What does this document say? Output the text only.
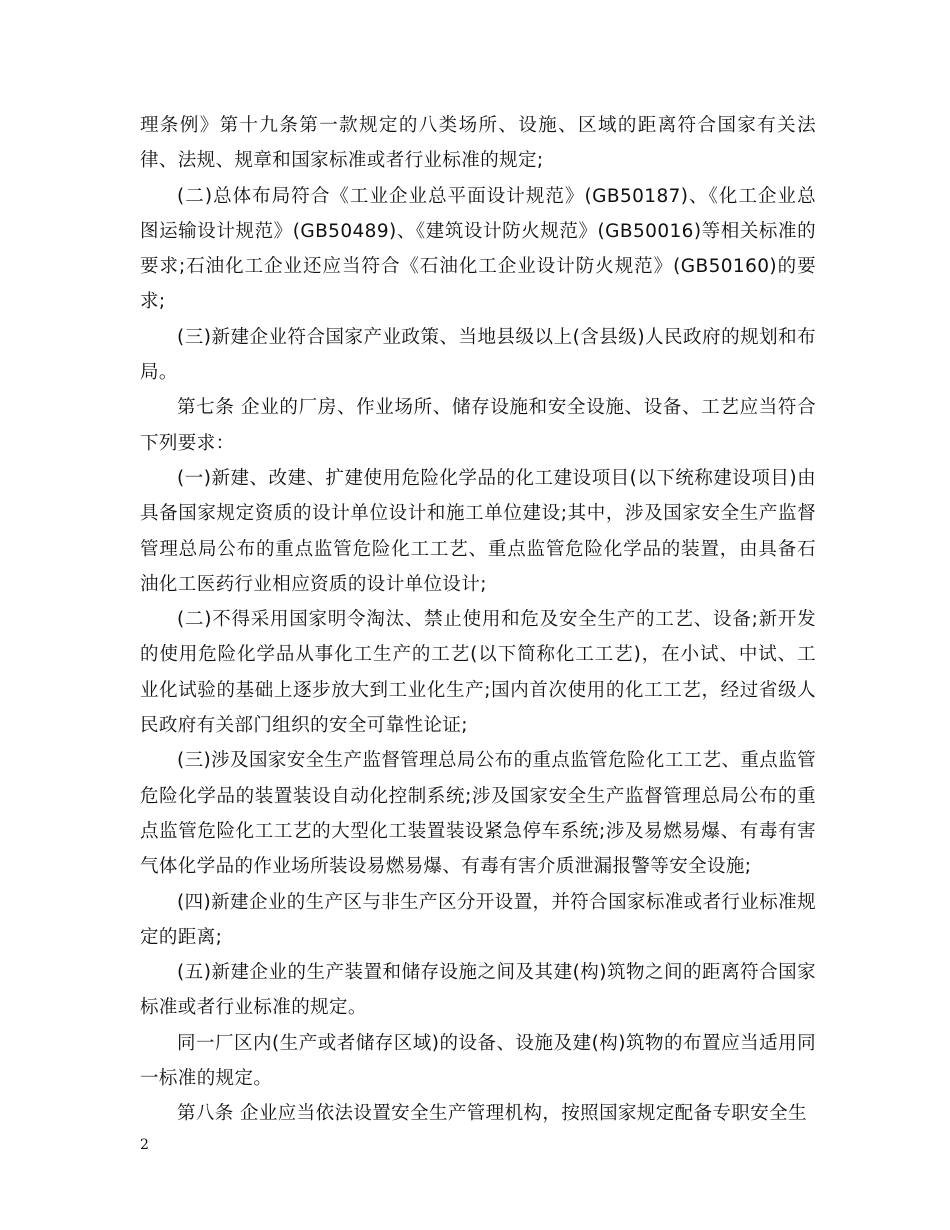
理条例》第十九条第一款规定的八类场所、设施、区域的距离符合国家有关法律、法规、规章和国家标准或者行业标准的规定;

(二)总体布局符合《工业企业总平面设计规范》(GB50187)、《化工企业总图运输设计规范》(GB50489)、《建筑设计防火规范》(GB50016)等相关标准的要求;石油化工企业还应当符合《石油化工企业设计防火规范》(GB50160)的要求;

(三)新建企业符合国家产业政策、当地县级以上(含县级)人民政府的规划和布局。

第七条 企业的厂房、作业场所、储存设施和安全设施、设备、工艺应当符合下列要求：

(一)新建、改建、扩建使用危险化学品的化工建设项目(以下统称建设项目)由具备国家规定资质的设计单位设计和施工单位建设;其中，涉及国家安全生产监督管理总局公布的重点监管危险化工工艺、重点监管危险化学品的装置，由具备石油化工医药行业相应资质的设计单位设计;

(二)不得采用国家明令淘汰、禁止使用和危及安全生产的工艺、设备;新开发的使用危险化学品从事化工生产的工艺(以下简称化工工艺)，在小试、中试、工业化试验的基础上逐步放大到工业化生产;国内首次使用的化工工艺，经过省级人民政府有关部门组织的安全可靠性论证;

(三)涉及国家安全生产监督管理总局公布的重点监管危险化工工艺、重点监管危险化学品的装置装设自动化控制系统;涉及国家安全生产监督管理总局公布的重点监管危险化工工艺的大型化工装置装设紧急停车系统;涉及易燃易爆、有毒有害气体化学品的作业场所装设易燃易爆、有毒有害介质泄漏报警等安全设施;

(四)新建企业的生产区与非生产区分开设置，并符合国家标准或者行业标准规定的距离;

(五)新建企业的生产装置和储存设施之间及其建(构)筑物之间的距离符合国家标准或者行业标准的规定。

同一厂区内(生产或者储存区域)的设备、设施及建(构)筑物的布置应当适用同一标准的规定。

第八条 企业应当依法设置安全生产管理机构，按照国家规定配备专职安全生

2
